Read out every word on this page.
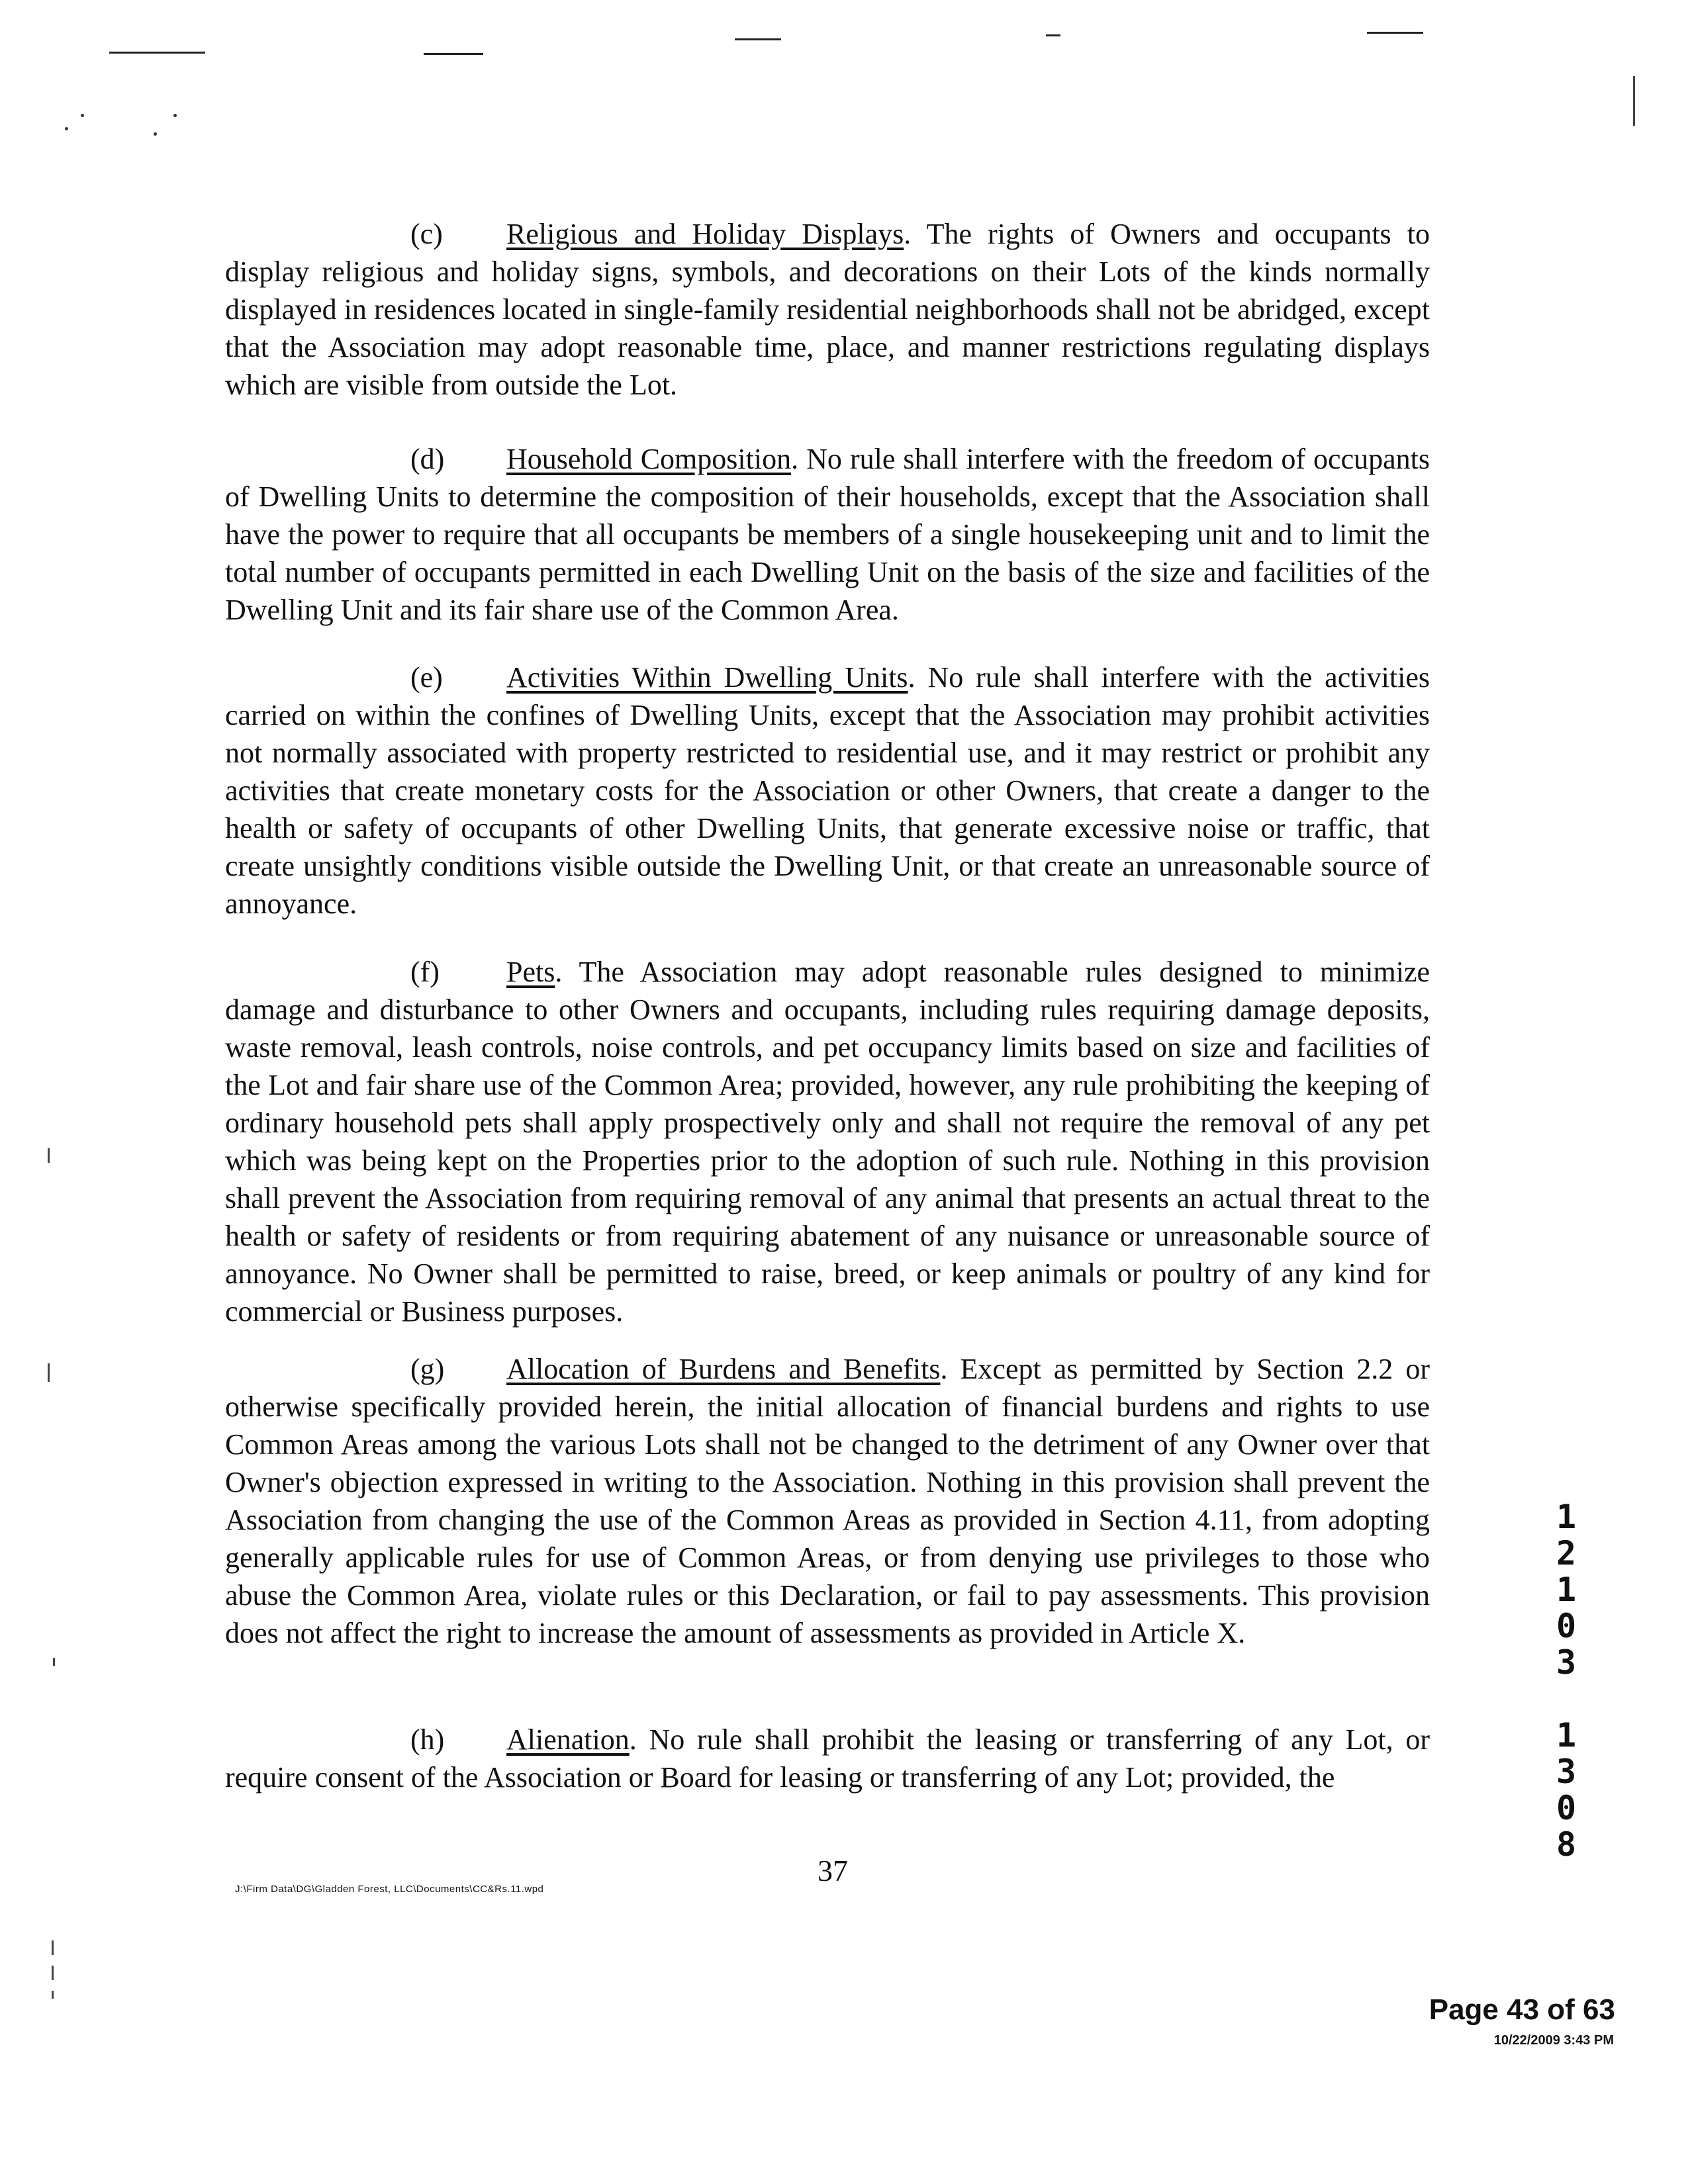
(c) Religious and Holiday Displays. The rights of Owners and occupants to display religious and holiday signs, symbols, and decorations on their Lots of the kinds normally displayed in residences located in single-family residential neighborhoods shall not be abridged, except that the Association may adopt reasonable time, place, and manner restrictions regulating displays which are visible from outside the Lot.

(d) Household Composition. No rule shall interfere with the freedom of occupants of Dwelling Units to determine the composition of their households, except that the Association shall have the power to require that all occupants be members of a single housekeeping unit and to limit the total number of occupants permitted in each Dwelling Unit on the basis of the size and facilities of the Dwelling Unit and its fair share use of the Common Area.

(e) Activities Within Dwelling Units. No rule shall interfere with the activities carried on within the confines of Dwelling Units, except that the Association may prohibit activities not normally associated with property restricted to residential use, and it may restrict or prohibit any activities that create monetary costs for the Association or other Owners, that create a danger to the health or safety of occupants of other Dwelling Units, that generate excessive noise or traffic, that create unsightly conditions visible outside the Dwelling Unit, or that create an unreasonable source of annoyance.

(f) Pets. The Association may adopt reasonable rules designed to minimize damage and disturbance to other Owners and occupants, including rules requiring damage deposits, waste removal, leash controls, noise controls, and pet occupancy limits based on size and facilities of the Lot and fair share use of the Common Area; provided, however, any rule prohibiting the keeping of ordinary household pets shall apply prospectively only and shall not require the removal of any pet which was being kept on the Properties prior to the adoption of such rule. Nothing in this provision shall prevent the Association from requiring removal of any animal that presents an actual threat to the health or safety of residents or from requiring abatement of any nuisance or unreasonable source of annoyance. No Owner shall be permitted to raise, breed, or keep animals or poultry of any kind for commercial or Business purposes.

(g) Allocation of Burdens and Benefits. Except as permitted by Section 2.2 or otherwise specifically provided herein, the initial allocation of financial burdens and rights to use Common Areas among the various Lots shall not be changed to the detriment of any Owner over that Owner's objection expressed in writing to the Association. Nothing in this provision shall prevent the Association from changing the use of the Common Areas as provided in Section 4.11, from adopting generally applicable rules for use of Common Areas, or from denying use privileges to those who abuse the Common Area, violate rules or this Declaration, or fail to pay assessments. This provision does not affect the right to increase the amount of assessments as provided in Article X.

(h) Alienation. No rule shall prohibit the leasing or transferring of any Lot, or require consent of the Association or Board for leasing or transferring of any Lot; provided, the

37
J:\Firm Data\DG\Gladden Forest, LLC\Documents\CC&Rs.11.wpd
1
2
1
0
3
1
3
0
8
Page 43 of 63
10/22/2009 3:43 PM
